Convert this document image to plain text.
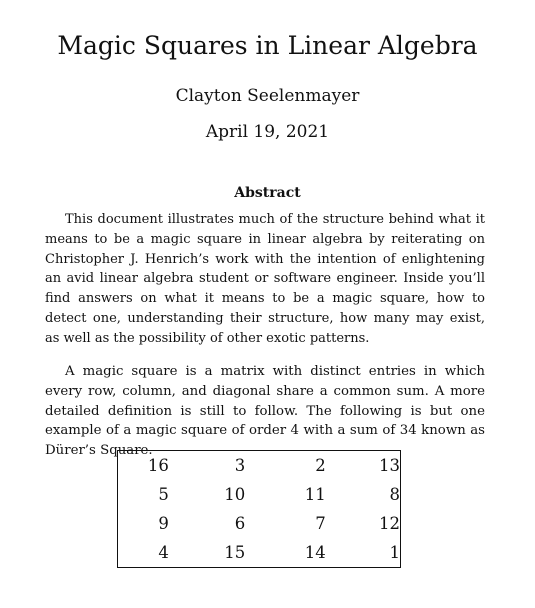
Magic Squares in Linear Algebra
Clayton Seelenmayer
April 19, 2021
Abstract

This document illustrates much of the structure behind what it means to be a magic square in linear algebra by reiterating on Christopher J. Henrich’s work with the intention of enlightening an avid linear algebra student or software engineer. Inside you’ll find answers on what it means to be a magic square, how to detect one, understanding their structure, how many may exist, as well as the possibility of other exotic patterns.

A magic square is a matrix with distinct entries in which every row, column, and diagonal share a common sum. A more detailed definition is still to follow. The following is but one example of a magic square of order 4 with a sum of 34 known as Dürer’s Square.

16	3	2	13
5	10	11	8
9	6	7	12
4	15	14	1
